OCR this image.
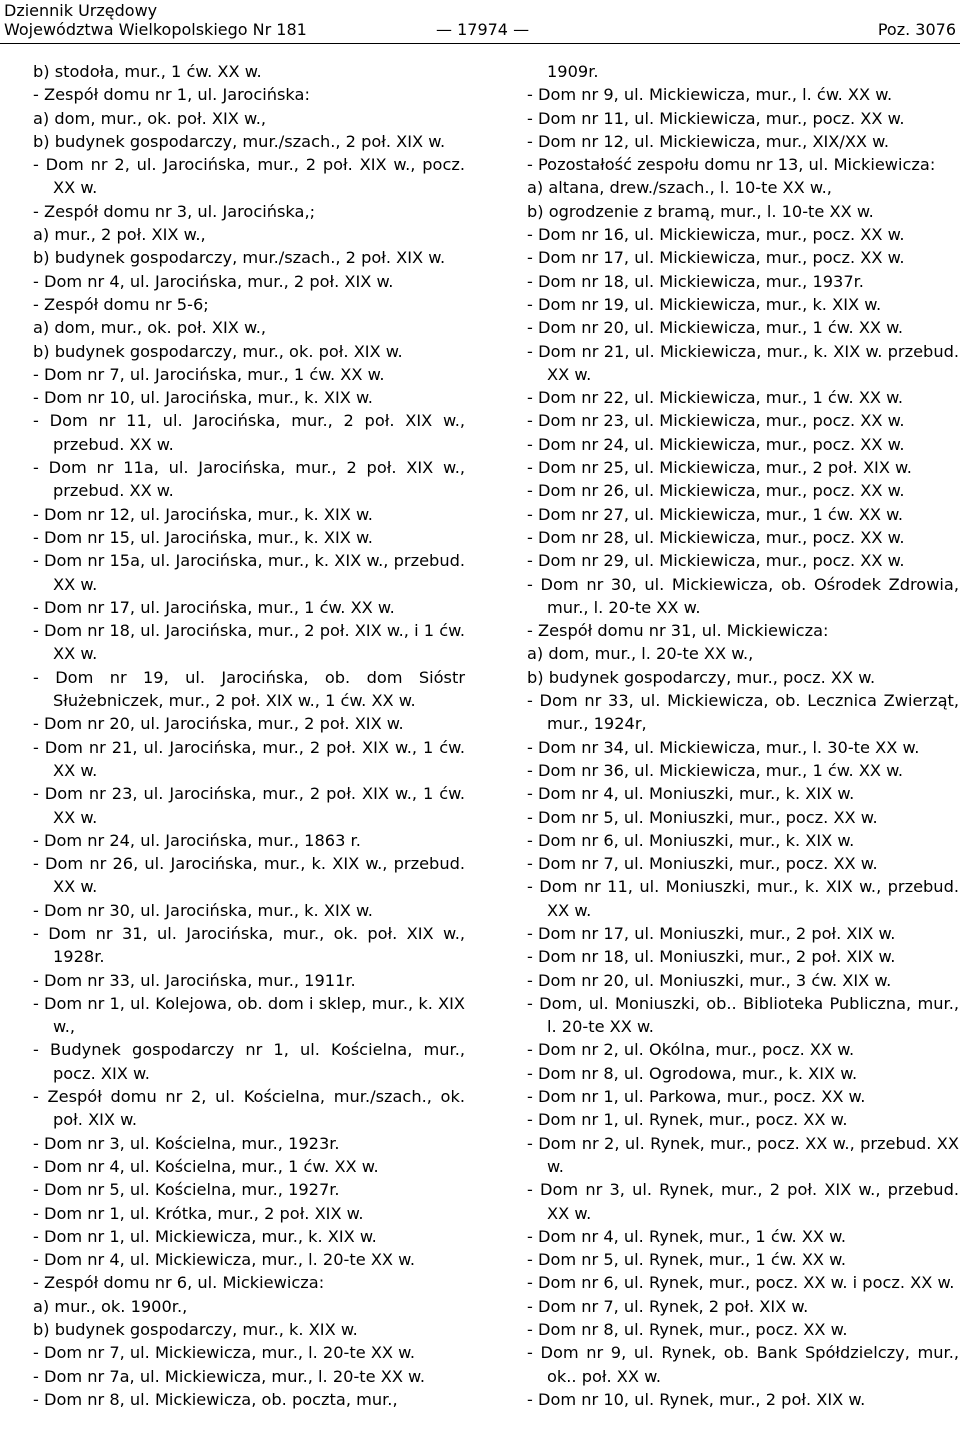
Dziennik Urzędowy
Województwa Wielkopolskiego Nr 181	— 17974 —	Poz. 3076
b) stodoła, mur., 1 ćw. XX w.
- Zespół domu nr 1, ul. Jarocińska:
a) dom, mur., ok. poł. XIX w.,
b) budynek gospodarczy, mur./szach., 2 poł. XIX w.
- Dom nr 2, ul. Jarocińska, mur., 2 poł. XIX w., pocz. XX w.
- Zespół domu nr 3, ul. Jarocińska,;
a) mur., 2 poł. XIX w.,
b) budynek gospodarczy, mur./szach., 2 poł. XIX w.
- Dom nr 4, ul. Jarocińska, mur., 2 poł. XIX w.
- Zespół domu nr 5-6;
a) dom, mur., ok. poł. XIX w.,
b) budynek gospodarczy, mur., ok. poł. XIX w.
- Dom nr 7, ul. Jarocińska, mur., 1 ćw. XX w.
- Dom nr 10, ul. Jarocińska, mur., k. XIX w.
- Dom nr 11, ul. Jarocińska, mur., 2 poł. XIX w., przebud. XX w.
- Dom nr 11a, ul. Jarocińska, mur., 2 poł. XIX w., przebud. XX w.
- Dom nr 12, ul. Jarocińska, mur., k. XIX w.
- Dom nr 15, ul. Jarocińska, mur., k. XIX w.
- Dom nr 15a, ul. Jarocińska, mur., k. XIX w., przebud. XX w.
- Dom nr 17, ul. Jarocińska, mur., 1 ćw. XX w.
- Dom nr 18, ul. Jarocińska, mur., 2 poł. XIX w., i 1 ćw. XX w.
- Dom nr 19, ul. Jarocińska, ob. dom Sióstr Służebniczek, mur., 2 poł. XIX w., 1 ćw. XX w.
- Dom nr 20, ul. Jarocińska, mur., 2 poł. XIX w.
- Dom nr 21, ul. Jarocińska, mur., 2 poł. XIX w., 1 ćw. XX w.
- Dom nr 23, ul. Jarocińska, mur., 2 poł. XIX w., 1 ćw. XX w.
- Dom nr 24, ul. Jarocińska, mur., 1863 r.
- Dom nr 26, ul. Jarocińska, mur., k. XIX w., przebud. XX w.
- Dom nr 30, ul. Jarocińska, mur., k. XIX w.
- Dom nr 31, ul. Jarocińska, mur., ok. poł. XIX w., 1928r.
- Dom nr 33, ul. Jarocińska, mur., 1911r.
- Dom nr 1, ul. Kolejowa, ob. dom i sklep, mur., k. XIX w.,
- Budynek gospodarczy nr 1, ul. Kościelna, mur., pocz. XIX w.
- Zespół domu nr 2, ul. Kościelna, mur./szach., ok. poł. XIX w.
- Dom nr 3, ul. Kościelna, mur., 1923r.
- Dom nr 4, ul. Kościelna, mur., 1 ćw. XX w.
- Dom nr 5, ul. Kościelna, mur., 1927r.
- Dom nr 1, ul. Krótka, mur., 2 poł. XIX w.
- Dom nr 1, ul. Mickiewicza, mur., k. XIX w.
- Dom nr 4, ul. Mickiewicza, mur., l. 20-te XX w.
- Zespół domu nr 6, ul. Mickiewicza:
a) mur., ok. 1900r.,
b) budynek gospodarczy, mur., k. XIX w.
- Dom nr 7, ul. Mickiewicza, mur., l. 20-te XX w.
- Dom nr 7a, ul. Mickiewicza, mur., l. 20-te XX w.
- Dom nr 8, ul. Mickiewicza, ob. poczta, mur.,
1909r.
- Dom nr 9, ul. Mickiewicza, mur., l. ćw. XX w.
- Dom nr 11, ul. Mickiewicza, mur., pocz. XX w.
- Dom nr 12, ul. Mickiewicza, mur., XIX/XX w.
- Pozostałość zespołu domu nr 13, ul. Mickiewicza:
a) altana, drew./szach., l. 10-te XX w.,
b) ogrodzenie z bramą, mur., l. 10-te XX w.
- Dom nr 16, ul. Mickiewicza, mur., pocz. XX w.
- Dom nr 17, ul. Mickiewicza, mur., pocz. XX w.
- Dom nr 18, ul. Mickiewicza, mur., 1937r.
- Dom nr 19, ul. Mickiewicza, mur., k. XIX w.
- Dom nr 20, ul. Mickiewicza, mur., 1 ćw. XX w.
- Dom nr 21, ul. Mickiewicza, mur., k. XIX w. przebud. XX w.
- Dom nr 22, ul. Mickiewicza, mur., 1 ćw. XX w.
- Dom nr 23, ul. Mickiewicza, mur., pocz. XX w.
- Dom nr 24, ul. Mickiewicza, mur., pocz. XX w.
- Dom nr 25, ul. Mickiewicza, mur., 2 poł. XIX w.
- Dom nr 26, ul. Mickiewicza, mur., pocz. XX w.
- Dom nr 27, ul. Mickiewicza, mur., 1 ćw. XX w.
- Dom nr 28, ul. Mickiewicza, mur., pocz. XX w.
- Dom nr 29, ul. Mickiewicza, mur., pocz. XX w.
- Dom nr 30, ul. Mickiewicza, ob. Ośrodek Zdrowia, mur., l. 20-te XX w.
- Zespół domu nr 31, ul. Mickiewicza:
a) dom, mur., l. 20-te XX w.,
b) budynek gospodarczy, mur., pocz. XX w.
- Dom nr 33, ul. Mickiewicza, ob. Lecznica Zwierząt, mur., 1924r,
- Dom nr 34, ul. Mickiewicza, mur., l. 30-te XX w.
- Dom nr 36, ul. Mickiewicza, mur., 1 ćw. XX w.
- Dom nr 4, ul. Moniuszki, mur., k. XIX w.
- Dom nr 5, ul. Moniuszki, mur., pocz. XX w.
- Dom nr 6, ul. Moniuszki, mur., k. XIX w.
- Dom nr 7, ul. Moniuszki, mur., pocz. XX w.
- Dom nr 11, ul. Moniuszki, mur., k. XIX w., przebud. XX w.
- Dom nr 17, ul. Moniuszki, mur., 2 poł. XIX w.
- Dom nr 18, ul. Moniuszki, mur., 2 poł. XIX w.
- Dom nr 20, ul. Moniuszki, mur., 3 ćw. XIX w.
- Dom, ul. Moniuszki, ob.. Biblioteka Publiczna, mur., l. 20-te XX w.
- Dom nr 2, ul. Okólna, mur., pocz. XX w.
- Dom nr 8, ul. Ogrodowa, mur., k. XIX w.
- Dom nr 1, ul. Parkowa, mur., pocz. XX w.
- Dom nr 1, ul. Rynek, mur., pocz. XX w.
- Dom nr 2, ul. Rynek, mur., pocz. XX w., przebud. XX w.
- Dom nr 3, ul. Rynek, mur., 2 poł. XIX w., przebud. XX w.
- Dom nr 4, ul. Rynek, mur., 1 ćw. XX w.
- Dom nr 5, ul. Rynek, mur., 1 ćw. XX w.
- Dom nr 6, ul. Rynek, mur., pocz. XX w. i pocz. XX w.
- Dom nr 7, ul. Rynek, 2 poł. XIX w.
- Dom nr 8, ul. Rynek, mur., pocz. XX w.
- Dom nr 9, ul. Rynek, ob. Bank Spółdzielczy, mur., ok.. poł. XX w.
- Dom nr 10, ul. Rynek, mur., 2 poł. XIX w.
